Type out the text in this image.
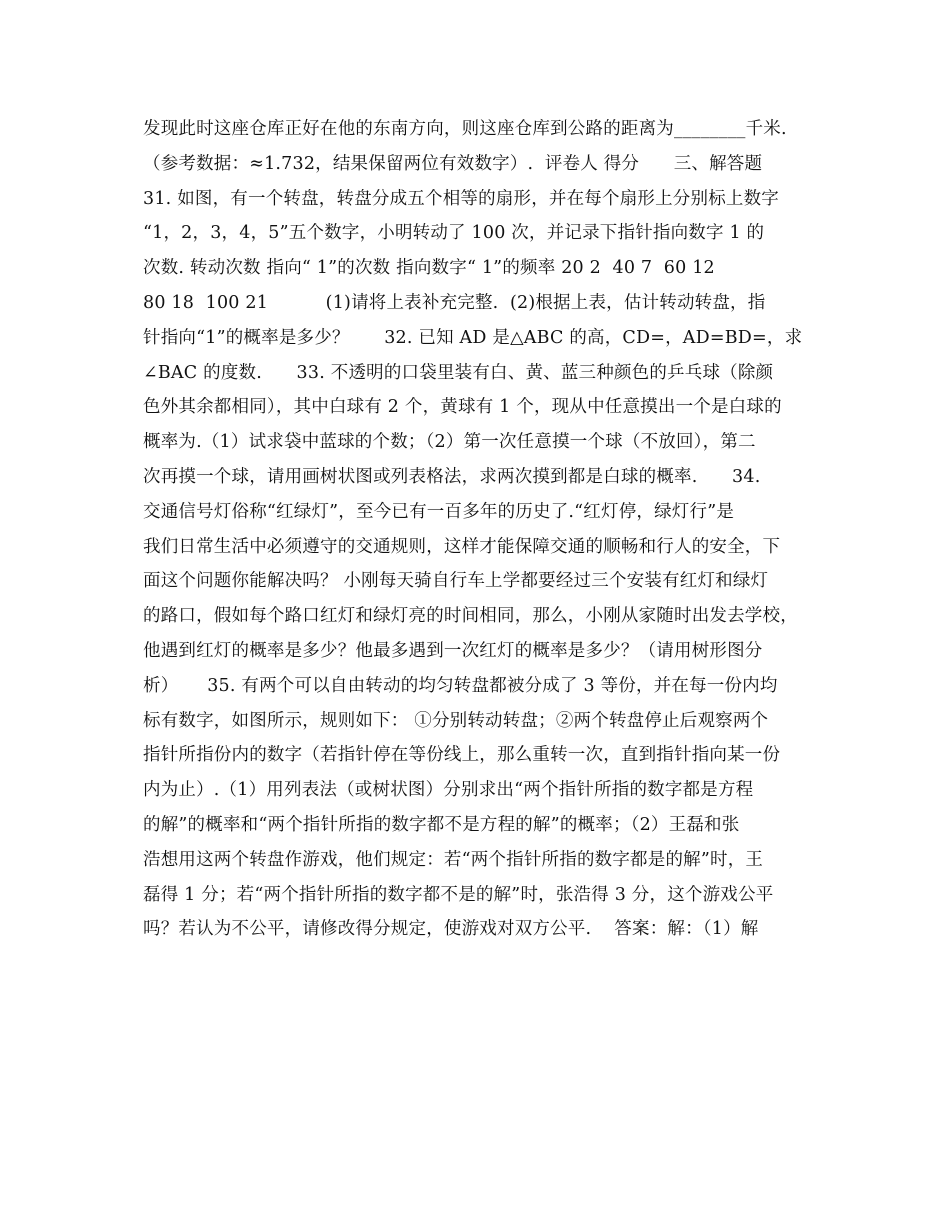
发现此时这座仓库正好在他的东南方向，则这座仓库到公路的距离为________千米.
（参考数据：≈1.732，结果保留两位有效数字）.  评卷人 得分      三、解答题
31. 如图，有一个转盘，转盘分成五个相等的扇形，并在每个扇形上分别标上数字
“1，2，3，4，5”五个数字，小明转动了 100 次，并记录下指针指向数字 1 的
次数. 转动次数 指向“ 1”的次数 指向数字“ 1”的频率 20 2  40 7  60 12
80 18  100 21          (1)请将上表补充完整.  (2)根据上表，估计转动转盘，指
针指向“1”的概率是多少？      32. 已知 AD 是△ABC 的高，CD=，AD=BD=，求
∠BAC 的度数.      33. 不透明的口袋里装有白、黄、蓝三种颜色的乒乓球（除颜
色外其余都相同），其中白球有 2 个，黄球有 1 个，现从中任意摸出一个是白球的
概率为.（1）试求袋中蓝球的个数；（2）第一次任意摸一个球（不放回），第二
次再摸一个球，请用画树状图或列表格法，求两次摸到都是白球的概率.      34.
交通信号灯俗称“红绿灯”，至今已有一百多年的历史了.“红灯停，绿灯行”是
我们日常生活中必须遵守的交通规则，这样才能保障交通的顺畅和行人的安全，下
面这个问题你能解决吗？ 小刚每天骑自行车上学都要经过三个安装有红灯和绿灯
的路口，假如每个路口红灯和绿灯亮的时间相同，那么，小刚从家随时出发去学校，
他遇到红灯的概率是多少？他最多遇到一次红灯的概率是多少？（请用树形图分
析）     35. 有两个可以自由转动的均匀转盘都被分成了 3 等份，并在每一份内均
标有数字，如图所示，规则如下： ①分别转动转盘；②两个转盘停止后观察两个
指针所指份内的数字（若指针停在等份线上，那么重转一次，直到指针指向某一份
内为止）.（1）用列表法（或树状图）分别求出“两个指针所指的数字都是方程
的解”的概率和“两个指针所指的数字都不是方程的解”的概率；（2）王磊和张
浩想用这两个转盘作游戏，他们规定：若“两个指针所指的数字都是的解”时，王
磊得 1 分；若“两个指针所指的数字都不是的解”时，张浩得 3 分，这个游戏公平
吗？若认为不公平，请修改得分规定，使游戏对双方公平.    答案：解：（1）解
